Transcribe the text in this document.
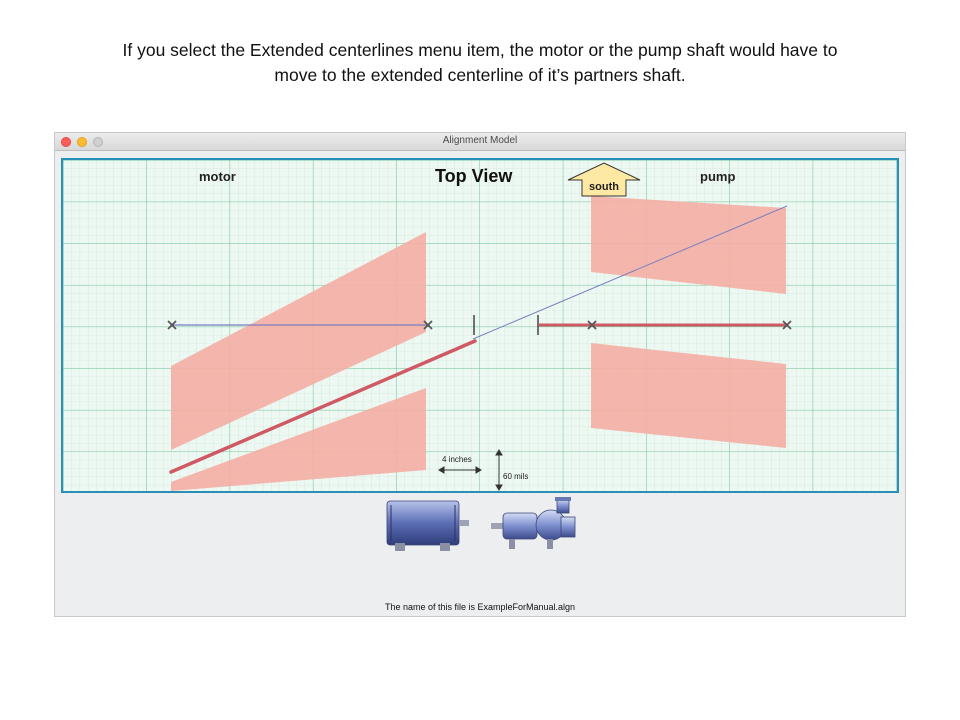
If you select the Extended centerlines menu item, the motor or the pump shaft would have to
move to the extended centerline of it’s partners shaft.
Alignment Model
motor	Top View
south
pump
4 inches
60 mils
The name of this file is ExampleForManual.algn
